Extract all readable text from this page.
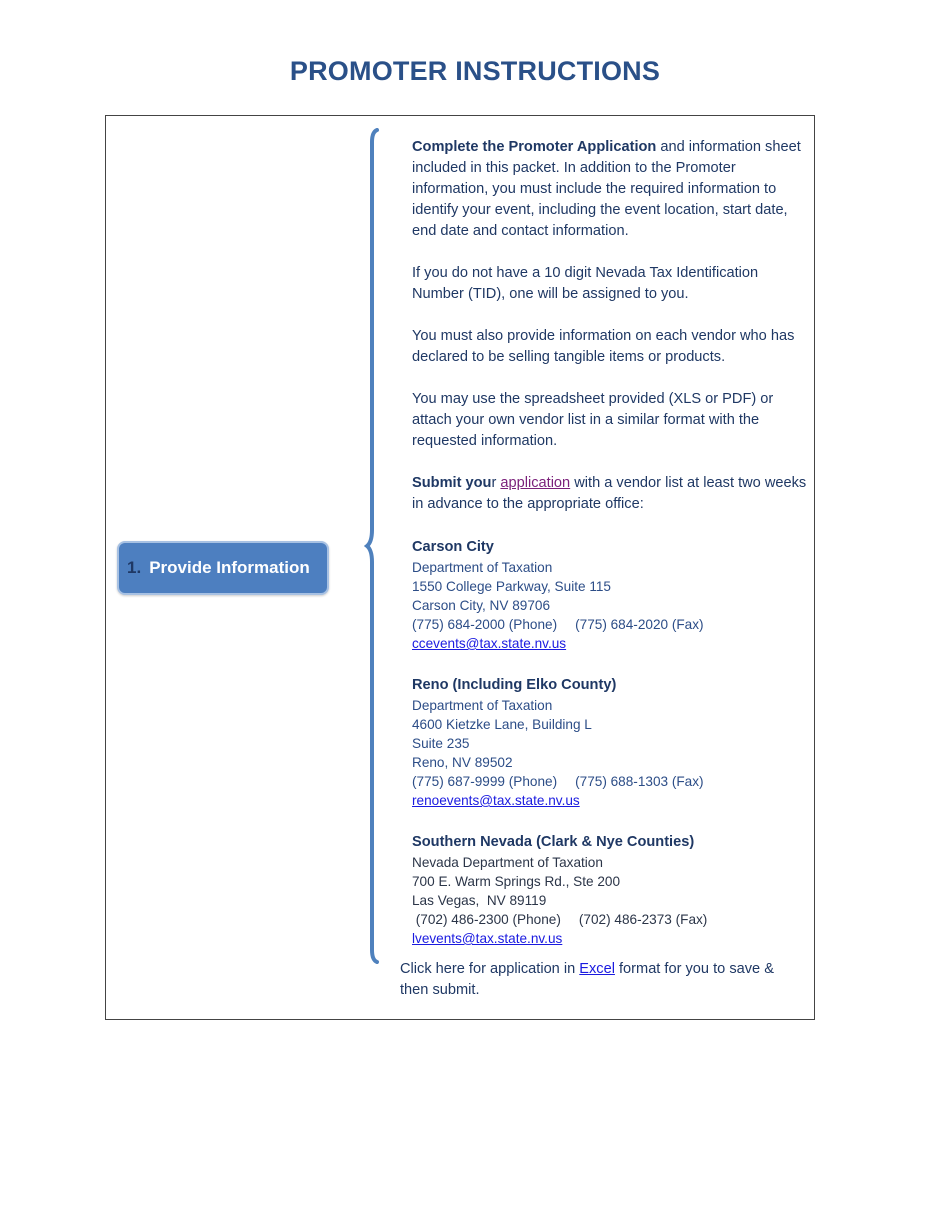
PROMOTER INSTRUCTIONS
1. Provide Information

Complete the Promoter Application and information sheet included in this packet. In addition to the Promoter information, you must include the required information to identify your event, including the event location, start date, end date and contact information.

If you do not have a 10 digit Nevada Tax Identification Number (TID), one will be assigned to you.

You must also provide information on each vendor who has declared to be selling tangible items or products.

You may use the spreadsheet provided (XLS or PDF) or attach your own vendor list in a similar format with the requested information.

Submit your application with a vendor list at least two weeks in advance to the appropriate office:

Carson City
Department of Taxation
1550 College Parkway, Suite 115
Carson City, NV 89706
(775) 684-2000 (Phone) (775) 684-2020 (Fax)
ccevents@tax.state.nv.us
Reno (Including Elko County)
Department of Taxation
4600 Kietzke Lane, Building L
Suite 235
Reno, NV 89502
(775) 687-9999 (Phone) (775) 688-1303 (Fax)
renoevents@tax.state.nv.us
Southern Nevada (Clark & Nye Counties)
Nevada Department of Taxation
700 E. Warm Springs Rd., Ste 200
Las Vegas,  NV 89119
(702) 486-2300 (Phone) (702) 486-2373 (Fax)
lvevents@tax.state.nv.us
Click here for application in Excel format for you to save & then submit.
